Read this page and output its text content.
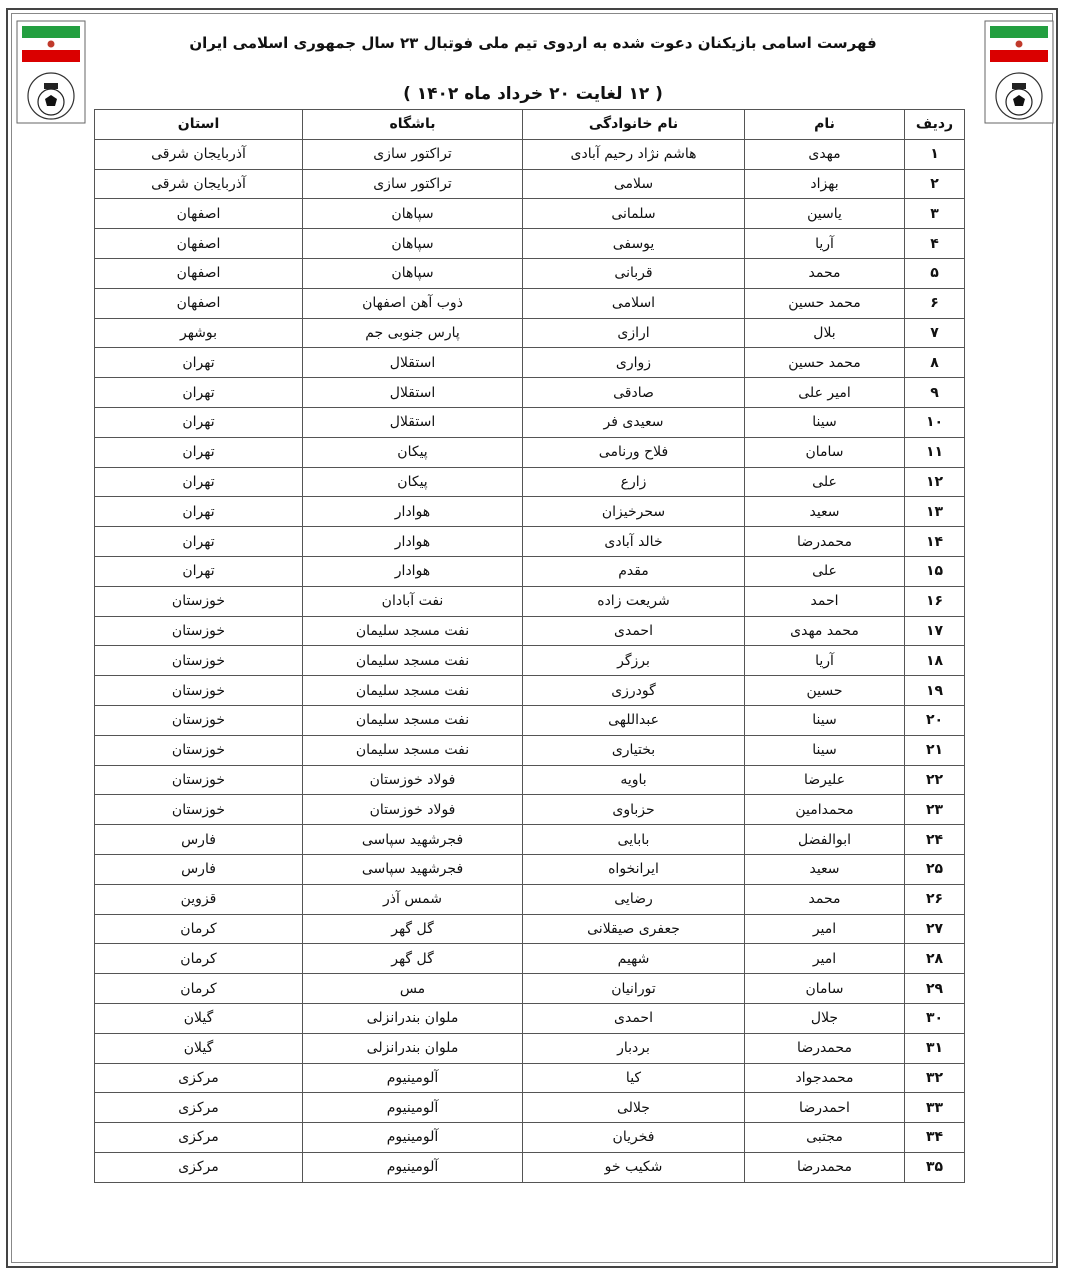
فهرست اسامی بازیکنان دعوت شده به اردوی تیم ملی فوتبال ۲۳ سال جمهوری اسلامی ایران
( ۱۲ لغایت ۲۰ خرداد ماه ۱۴۰۲ )
ردیف	نام	نام خانوادگی	باشگاه	استان
۱	مهدی	هاشم نژاد رحیم آبادی	تراکتور سازی	آذربایجان شرقی
۲	بهزاد	سلامی	تراکتور سازی	آذربایجان شرقی
۳	یاسین	سلمانی	سپاهان	اصفهان
۴	آریا	یوسفی	سپاهان	اصفهان
۵	محمد	قربانی	سپاهان	اصفهان
۶	محمد حسین	اسلامی	ذوب آهن اصفهان	اصفهان
۷	بلال	ارازی	پارس جنوبی جم	بوشهر
۸	محمد حسین	زواری	استقلال	تهران
۹	امیر علی	صادقی	استقلال	تهران
۱۰	سینا	سعیدی فر	استقلال	تهران
۱۱	سامان	فلاح ورنامی	پیکان	تهران
۱۲	علی	زارع	پیکان	تهران
۱۳	سعید	سحرخیزان	هوادار	تهران
۱۴	محمدرضا	خالد آبادی	هوادار	تهران
۱۵	علی	مقدم	هوادار	تهران
۱۶	احمد	شریعت زاده	نفت آبادان	خوزستان
۱۷	محمد مهدی	احمدی	نفت مسجد سلیمان	خوزستان
۱۸	آریا	برزگر	نفت مسجد سلیمان	خوزستان
۱۹	حسین	گودرزی	نفت مسجد سلیمان	خوزستان
۲۰	سینا	عبداللهی	نفت مسجد سلیمان	خوزستان
۲۱	سینا	بختیاری	نفت مسجد سلیمان	خوزستان
۲۲	علیرضا	باویه	فولاد خوزستان	خوزستان
۲۳	محمدامین	حزباوی	فولاد خوزستان	خوزستان
۲۴	ابوالفضل	بابایی	فجرشهید سپاسی	فارس
۲۵	سعید	ایرانخواه	فجرشهید سپاسی	فارس
۲۶	محمد	رضایی	شمس آذر	قزوین
۲۷	امیر	جعفری صیقلانی	گل گهر	کرمان
۲۸	امیر	شهیم	گل گهر	کرمان
۲۹	سامان	تورانیان	مس	کرمان
۳۰	جلال	احمدی	ملوان بندرانزلی	گیلان
۳۱	محمدرضا	بردبار	ملوان بندرانزلی	گیلان
۳۲	محمدجواد	کیا	آلومینیوم	مرکزی
۳۳	احمدرضا	جلالی	آلومینیوم	مرکزی
۳۴	مجتبی	فخریان	آلومینیوم	مرکزی
۳۵	محمدرضا	شکیب خو	آلومینیوم	مرکزی
